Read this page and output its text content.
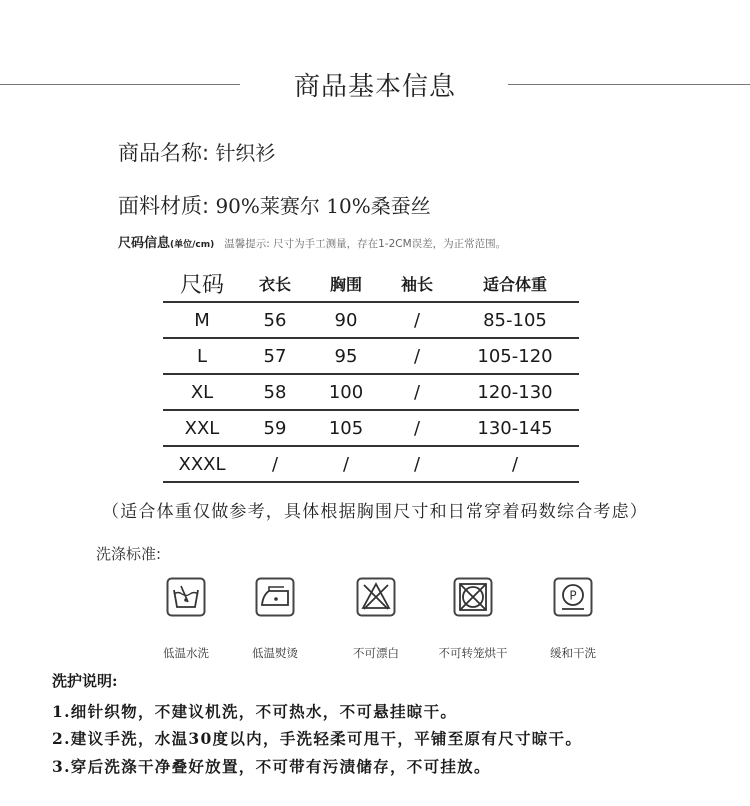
商品基本信息
商品名称: 针织衫
面料材质: 90%莱赛尔 10%桑蚕丝
尺码信息(单位/cm) 温馨提示: 尺寸为手工测量，存在1-2CM误差，为正常范围。
尺码	衣长	胸围	袖长	适合体重
M	56	90	/	85-105
L	57	95	/	105-120
XL	58	100	/	120-130
XXL	59	105	/	130-145
XXXL	/	/	/	/
（适合体重仅做参考，具体根据胸围尺寸和日常穿着码数综合考虑）
洗涤标准:
低温水洗	低温熨烫	不可漂白	不可转笼烘干
P
缓和干洗
洗护说明:
1.细针织物，不建议机洗，不可热水，不可悬挂晾干。
2.建议手洗，水温30度以内，手洗轻柔可甩干，平铺至原有尺寸晾干。
3.穿后洗涤干净叠好放置，不可带有污渍储存，不可挂放。
